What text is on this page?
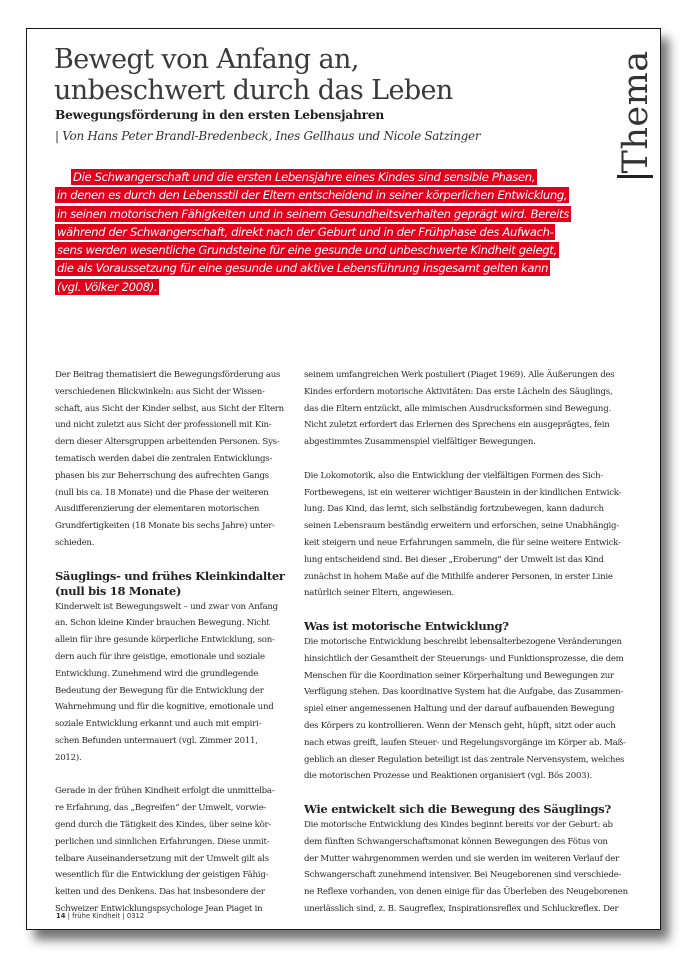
Bewegt von Anfang an,
unbeschwert durch das Leben
Bewegungsförderung in den ersten Lebensjahren
| Von Hans Peter Brandl-Bredenbeck, Ines Gellhaus und Nicole Satzinger	Thema
Die Schwangerschaft und die ersten Lebensjahre eines Kindes sind sensible Phasen,
in denen es durch den Lebensstil der Eltern entscheidend in seiner körperlichen Entwicklung,
in seinen motorischen Fähigkeiten und in seinem Gesundheitsverhalten geprägt wird. Bereits
während der Schwangerschaft, direkt nach der Geburt und in der Frühphase des Aufwach-
sens werden wesentliche Grundsteine für eine gesunde und unbeschwerte Kindheit gelegt,
die als Voraussetzung für eine gesunde und aktive Lebensführung insgesamt gelten kann
(vgl. Völker 2008).
Der Beitrag thematisiert die Bewegungsförderung aus
verschiedenen Blickwinkeln: aus Sicht der Wissen-
schaft, aus Sicht der Kinder selbst, aus Sicht der Eltern
und nicht zuletzt aus Sicht der professionell mit Kin-
dern dieser Altersgruppen arbeitenden Personen. Sys-
tematisch werden dabei die zentralen Entwicklungs-
phasen bis zur Beherrschung des aufrechten Gangs
(null bis ca. 18 Monate) und die Phase der weiteren
Ausdifferenzierung der elementaren motorischen
Grundfertigkeiten (18 Monate bis sechs Jahre) unter-
schieden.
Säuglings- und frühes Kleinkindalter
(null bis 18 Monate)
Kinderwelt ist Bewegungswelt – und zwar von Anfang
an. Schon kleine Kinder brauchen Bewegung. Nicht
allein für ihre gesunde körperliche Entwicklung, son-
dern auch für ihre geistige, emotionale und soziale
Entwicklung. Zunehmend wird die grundlegende
Bedeutung der Bewegung für die Entwicklung der
Wahrnehmung und für die kognitive, emotionale und
soziale Entwicklung erkannt und auch mit empiri-
schen Befunden untermauert (vgl. Zimmer 2011,
2012).
Gerade in der frühen Kindheit erfolgt die unmittelba-
re Erfahrung, das „Begreifen“ der Umwelt, vorwie-
gend durch die Tätigkeit des Kindes, über seine kör-
perlichen und sinnlichen Erfahrungen. Diese unmit-
telbare Auseinandersetzung mit der Umwelt gilt als
wesentlich für die Entwicklung der geistigen Fähig-
keiten und des Denkens. Das hat insbesondere der
Schweizer Entwicklungspsychologe Jean Piaget in
seinem umfangreichen Werk postuliert (Piaget 1969). Alle Äußerungen des
Kindes erfordern motorische Aktivitäten: Das erste Lächeln des Säuglings,
das die Eltern entzückt, alle mimischen Ausdrucksformen sind Bewegung.
Nicht zuletzt erfordert das Erlernen des Sprechens ein ausgeprägtes, fein
abgestimmtes Zusammenspiel vielfältiger Bewegungen.
Die Lokomotorik, also die Entwicklung der vielfältigen Formen des Sich-
Fortbewegens, ist ein weiterer wichtiger Baustein in der kindlichen Entwick-
lung. Das Kind, das lernt, sich selbständig fortzubewegen, kann dadurch
seinen Lebensraum beständig erweitern und erforschen, seine Unabhängig-
keit steigern und neue Erfahrungen sammeln, die für seine weitere Entwick-
lung entscheidend sind. Bei dieser „Eroberung“ der Umwelt ist das Kind
zunächst in hohem Maße auf die Mithilfe anderer Personen, in erster Linie
natürlich seiner Eltern, angewiesen.
Was ist motorische Entwicklung?
Die motorische Entwicklung beschreibt lebensalterbezogene Veränderungen
hinsichtlich der Gesamtheit der Steuerungs- und Funktionsprozesse, die dem
Menschen für die Koordination seiner Körperhaltung und Bewegungen zur
Verfügung stehen. Das koordinative System hat die Aufgabe, das Zusammen-
spiel einer angemessenen Haltung und der darauf aufbauenden Bewegung
des Körpers zu kontrollieren. Wenn der Mensch geht, hüpft, sitzt oder auch
nach etwas greift, laufen Steuer- und Regelungsvorgänge im Körper ab. Maß-
geblich an dieser Regulation beteiligt ist das zentrale Nervensystem, welches
die motorischen Prozesse und Reaktionen organisiert (vgl. Bös 2003).
Wie entwickelt sich die Bewegung des Säuglings?
Die motorische Entwicklung des Kindes beginnt bereits vor der Geburt: ab
dem fünften Schwangerschaftsmonat können Bewegungen des Fötus von
der Mutter wahrgenommen werden und sie werden im weiteren Verlauf der
Schwangerschaft zunehmend intensiver. Bei Neugeborenen sind verschiede-
ne Reflexe vorhanden, von denen einige für das Überleben des Neugeborenen
unerlässlich sind, z. B. Saugreflex, Inspirationsreflex und Schluckreflex. Der
14 | frühe Kindheit | 0312
